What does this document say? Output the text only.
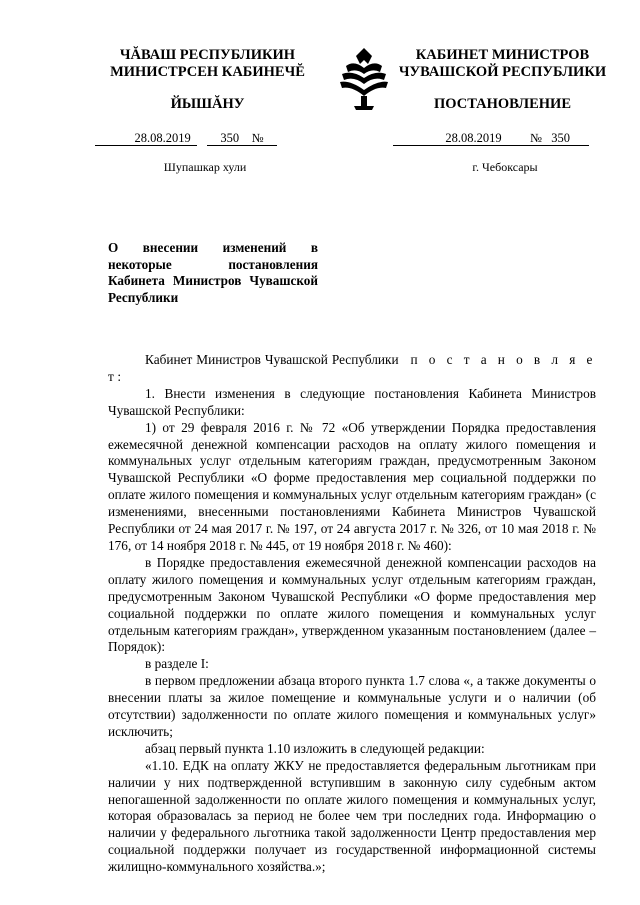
ЧĂВАШ РЕСПУБЛИКИН
МИНИСТРСЕН КАБИНЕЧĔ
ЙЫШĂНУ
КАБИНЕТ МИНИСТРОВ
ЧУВАШСКОЙ РЕСПУБЛИКИ
ПОСТАНОВЛЕНИЕ
28.08.2019 350 №	28.08.2019 № 350
Шупашкар хули	г. Чебоксары
О внесении изменений в некоторые постановления Кабинета Министров Чувашской Республики

Кабинет Министров Чувашской Республики п о с т а н о в л я е т:

1. Внести изменения в следующие постановления Кабинета Министров Чувашской Республики:

1) от 29 февраля 2016 г. № 72 «Об утверждении Порядка предоставления ежемесячной денежной компенсации расходов на оплату жилого помещения и коммунальных услуг отдельным категориям граждан, предусмотренным Законом Чувашской Республики «О форме предоставления мер социальной поддержки по оплате жилого помещения и коммунальных услуг отдельным категориям граждан» (с изменениями, внесенными постановлениями Кабинета Министров Чувашской Республики от 24 мая 2017 г. № 197, от 24 августа 2017 г. № 326, от 10 мая 2018 г. № 176, от 14 ноября 2018 г. № 445, от 19 ноября 2018 г. № 460):

в Порядке предоставления ежемесячной денежной компенсации расходов на оплату жилого помещения и коммунальных услуг отдельным категориям граждан, предусмотренным Законом Чувашской Республики «О форме предоставления мер социальной поддержки по оплате жилого помещения и коммунальных услуг отдельным категориям граждан», утвержденном указанным постановлением (далее – Порядок):

в разделе I:

в первом предложении абзаца второго пункта 1.7 слова «, а также документы о внесении платы за жилое помещение и коммунальные услуги и о наличии (об отсутствии) задолженности по оплате жилого помещения и коммунальных услуг» исключить;

абзац первый пункта 1.10 изложить в следующей редакции:

«1.10. ЕДК на оплату ЖКУ не предоставляется федеральным льготникам при наличии у них подтвержденной вступившим в законную силу судебным актом непогашенной задолженности по оплате жилого помещения и коммунальных услуг, которая образовалась за период не более чем три последних года. Информацию о наличии у федерального льготника такой задолженности Центр предоставления мер социальной поддержки получает из государственной информационной системы жилищно-коммунального хозяйства.»;
